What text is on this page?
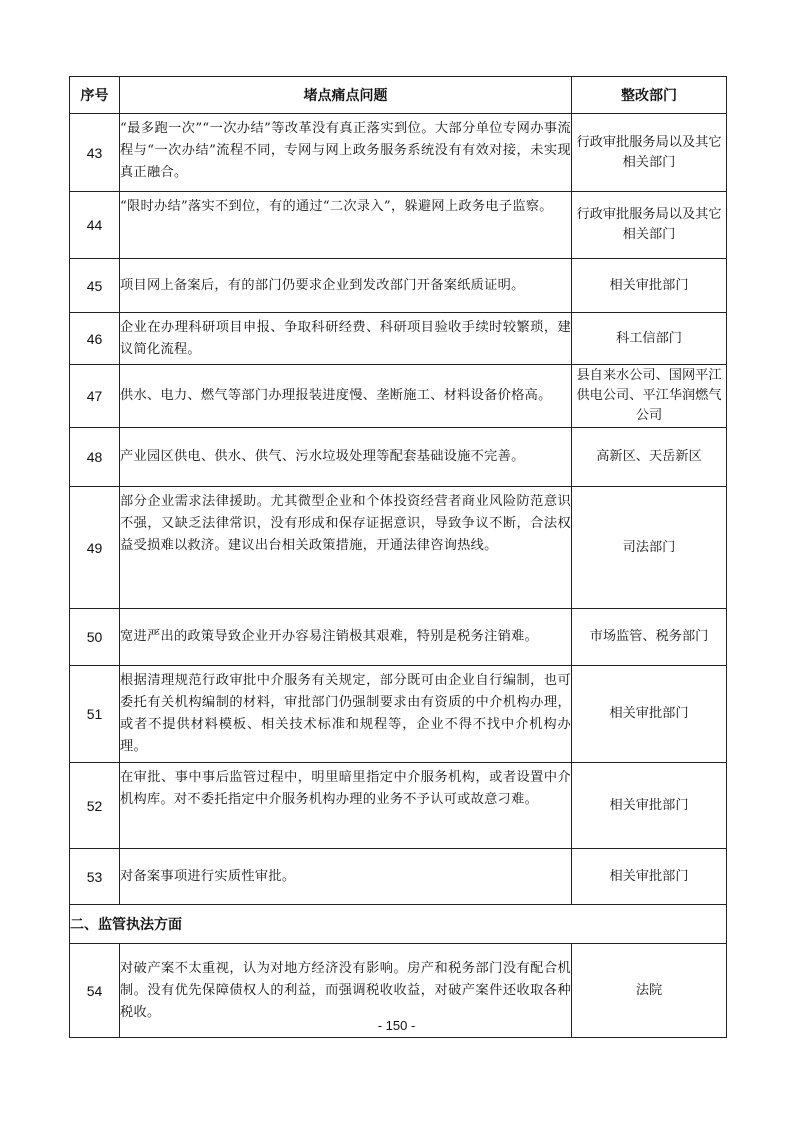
序号	堵点痛点问题	整改部门
43	“最多跑一次”“一次办结”等改革没有真正落实到位。大部分单位专网办事流程与“一次办结”流程不同，专网与网上政务服务系统没有有效对接，未实现真正融合。	行政审批服务局以及其它相关部门
44	“限时办结”落实不到位，有的通过“二次录入”，躲避网上政务电子监察。	行政审批服务局以及其它相关部门
45	项目网上备案后，有的部门仍要求企业到发改部门开备案纸质证明。	相关审批部门
46	企业在办理科研项目申报、争取科研经费、科研项目验收手续时较繁琐，建议简化流程。	科工信部门
47	供水、电力、燃气等部门办理报装进度慢、垄断施工、材料设备价格高。	县自来水公司、国网平江供电公司、平江华润燃气公司
48	产业园区供电、供水、供气、污水垃圾处理等配套基础设施不完善。	高新区、天岳新区
49	部分企业需求法律援助。尤其微型企业和个体投资经营者商业风险防范意识不强，又缺乏法律常识，没有形成和保存证据意识，导致争议不断，合法权益受损难以救济。建议出台相关政策措施，开通法律咨询热线。	司法部门
50	宽进严出的政策导致企业开办容易注销极其艰难，特别是税务注销难。	市场监管、税务部门
51	根据清理规范行政审批中介服务有关规定，部分既可由企业自行编制，也可委托有关机构编制的材料，审批部门仍强制要求由有资质的中介机构办理，或者不提供材料模板、相关技术标准和规程等，企业不得不找中介机构办理。	相关审批部门
52	在审批、事中事后监管过程中，明里暗里指定中介服务机构，或者设置中介机构库。对不委托指定中介服务机构办理的业务不予认可或故意刁难。	相关审批部门
53	对备案事项进行实质性审批。	相关审批部门
二、监管执法方面		
54	对破产案不太重视，认为对地方经济没有影响。房产和税务部门没有配合机制。没有优先保障债权人的利益，而强调税收收益，对破产案件还收取各种税收。	法院
- 150 -
